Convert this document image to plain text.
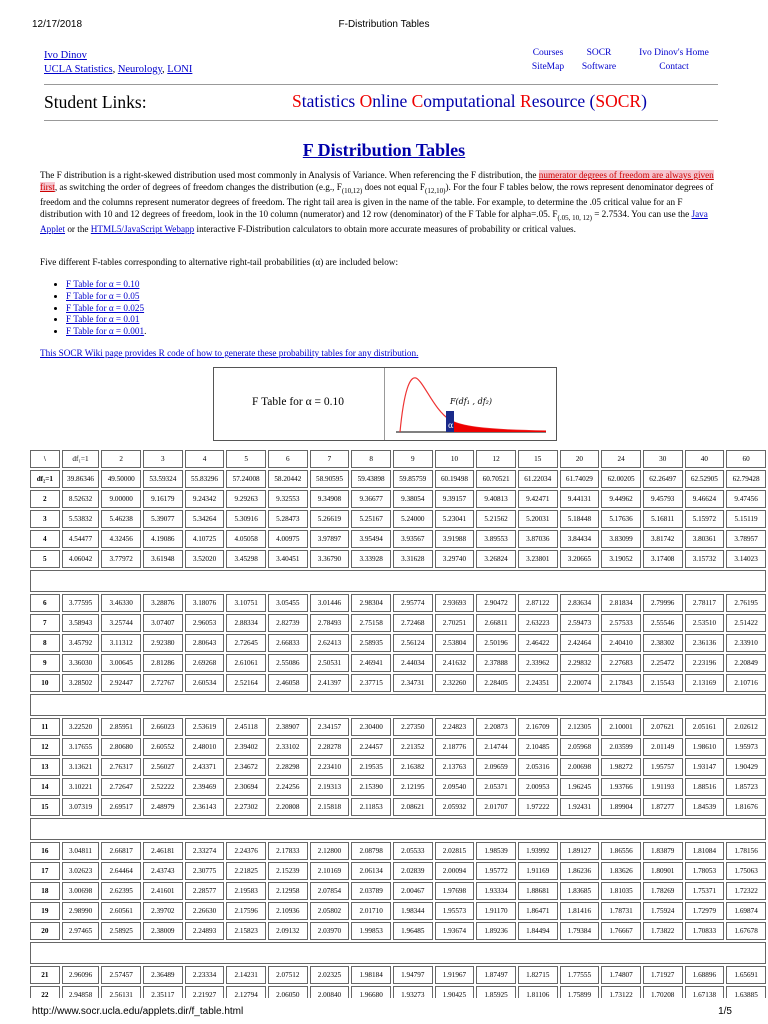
12/17/2018	F-Distribution Tables
Ivo Dinov
UCLA Statistics, Neurology, LONI
Courses
SiteMap
SOCR
Software
Ivo Dinov's Home
Contact
Student Links:	Statistics Online Computational Resource (SOCR)
F Distribution Tables
The F distribution is a right-skewed distribution used most commonly in Analysis of Variance. When referencing the F distribution, the numerator degrees of freedom are always given first, as switching the order of degrees of freedom changes the distribution (e.g., $F_{(10,12)}$ does not equal $F_{(12,10)}$). For the four F tables below, the rows represent denominator degrees of freedom and the columns represent numerator degrees of freedom. The right tail area is given in the name of the table. For example, to determine the .05 critical value for an F distribution with 10 and 12 degrees of freedom, look in the 10 column (numerator) and 12 row (denominator) of the F Table for alpha=.05. $F_{(.05, 10, 12)} = 2.7534$. You can use the Java Applet or the HTML5/JavaScript Webapp interactive F-Distribution calculators to obtain more accurate measures of probability or critical values.
Five different F-tables corresponding to alternative right-tail probabilities (α) are included below:
• F Table for α = 0.10
• F Table for α = 0.05
• F Table for α = 0.025
• F Table for α = 0.01
• F Table for α = 0.001.
This SOCR Wiki page provides R code of how to generate these probability tables for any distribution.
F Table for α = 0.10
α
F(df₁ , df₂)
\	df₁=1	2	3	4	5	6	7	8	9	10	12	15	20	24	30	40	60
df₂=1	39.86346	49.50000	53.59324	55.83296	57.24008	58.20442	58.90595	59.43898	59.85759	60.19498	60.70521	61.22034	61.74029	62.00205	62.26497	62.52905	62.79428
2	8.52632	9.00000	9.16179	9.24342	9.29263	9.32553	9.34908	9.36677	9.38054	9.39157	9.40813	9.42471	9.44131	9.44962	9.45793	9.46624	9.47456
3	5.53832	5.46238	5.39077	5.34264	5.30916	5.28473	5.26619	5.25167	5.24000	5.23041	5.21562	5.20031	5.18448	5.17636	5.16811	5.15972	5.15119
4	4.54477	4.32456	4.19086	4.10725	4.05058	4.00975	3.97897	3.95494	3.93567	3.91988	3.89553	3.87036	3.84434	3.83099	3.81742	3.80361	3.78957
5	4.06042	3.77972	3.61948	3.52020	3.45298	3.40451	3.36790	3.33928	3.31628	3.29740	3.26824	3.23801	3.20665	3.19052	3.17408	3.15732	3.14023

6	3.77595	3.46330	3.28876	3.18076	3.10751	3.05455	3.01446	2.98304	2.95774	2.93693	2.90472	2.87122	2.83634	2.81834	2.79996	2.78117	2.76195
7	3.58943	3.25744	3.07407	2.96053	2.88334	2.82739	2.78493	2.75158	2.72468	2.70251	2.66811	2.63223	2.59473	2.57533	2.55546	2.53510	2.51422
8	3.45792	3.11312	2.92380	2.80643	2.72645	2.66833	2.62413	2.58935	2.56124	2.53804	2.50196	2.46422	2.42464	2.40410	2.38302	2.36136	2.33910
9	3.36030	3.00645	2.81286	2.69268	2.61061	2.55086	2.50531	2.46941	2.44034	2.41632	2.37888	2.33962	2.29832	2.27683	2.25472	2.23196	2.20849
10	3.28502	2.92447	2.72767	2.60534	2.52164	2.46058	2.41397	2.37715	2.34731	2.32260	2.28405	2.24351	2.20074	2.17843	2.15543	2.13169	2.10716

11	3.22520	2.85951	2.66023	2.53619	2.45118	2.38907	2.34157	2.30400	2.27350	2.24823	2.20873	2.16709	2.12305	2.10001	2.07621	2.05161	2.02612
12	3.17655	2.80680	2.60552	2.48010	2.39402	2.33102	2.28278	2.24457	2.21352	2.18776	2.14744	2.10485	2.05968	2.03599	2.01149	1.98610	1.95973
13	3.13621	2.76317	2.56027	2.43371	2.34672	2.28298	2.23410	2.19535	2.16382	2.13763	2.09659	2.05316	2.00698	1.98272	1.95757	1.93147	1.90429
14	3.10221	2.72647	2.52222	2.39469	2.30694	2.24256	2.19313	2.15390	2.12195	2.09540	2.05371	2.00953	1.96245	1.93766	1.91193	1.88516	1.85723
15	3.07319	2.69517	2.48979	2.36143	2.27302	2.20808	2.15818	2.11853	2.08621	2.05932	2.01707	1.97222	1.92431	1.89904	1.87277	1.84539	1.81676

16	3.04811	2.66817	2.46181	2.33274	2.24376	2.17833	2.12800	2.08798	2.05533	2.02815	1.98539	1.93992	1.89127	1.86556	1.83879	1.81084	1.78156
17	3.02623	2.64464	2.43743	2.30775	2.21825	2.15239	2.10169	2.06134	2.02839	2.00094	1.95772	1.91169	1.86236	1.83626	1.80901	1.78053	1.75063
18	3.00698	2.62395	2.41601	2.28577	2.19583	2.12958	2.07854	2.03789	2.00467	1.97698	1.93334	1.88681	1.83685	1.81035	1.78269	1.75371	1.72322
19	2.98990	2.60561	2.39702	2.26630	2.17596	2.10936	2.05802	2.01710	1.98344	1.95573	1.91170	1.86471	1.81416	1.78731	1.75924	1.72979	1.69874
20	2.97465	2.58925	2.38009	2.24893	2.15823	2.09132	2.03970	1.99853	1.96485	1.93674	1.89236	1.84494	1.79384	1.76667	1.73822	1.70833	1.67678

21	2.96096	2.57457	2.36489	2.23334	2.14231	2.07512	2.02325	1.98184	1.94797	1.91967	1.87497	1.82715	1.77555	1.74807	1.71927	1.68896	1.65691
22	2.94858	2.56131	2.35117	2.21927	2.12794	2.06050	2.00840	1.96680	1.93273	1.90425	1.85925	1.81106	1.75899	1.73122	1.70208	1.67138	1.63885

http://www.socr.ucla.edu/applets.dir/f_table.html	1/5
